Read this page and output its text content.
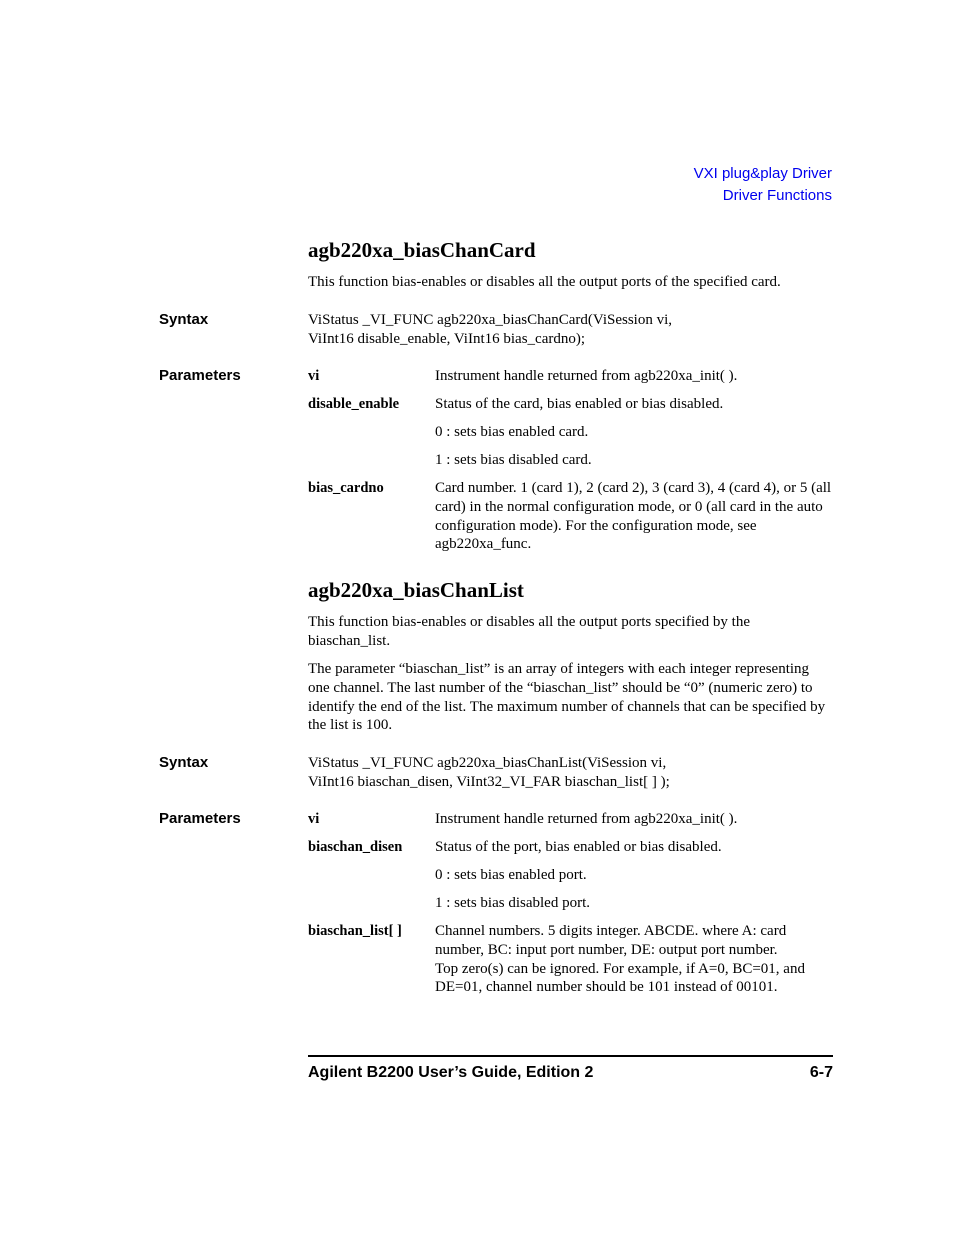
VXI plug&play Driver
Driver Functions
agb220xa_biasChanCard
This function bias-enables or disables all the output ports of the specified card.
Syntax	ViStatus _VI_FUNC agb220xa_biasChanCard(ViSession vi,

ViInt16 disable_enable, ViInt16 bias_cardno);

Parameters	vi	Instrument handle returned from agb220xa_init( ).
disable_enable Status of the card, bias enabled or bias disabled.
0 : sets bias enabled card.
1 : sets bias disabled card.
bias_cardno	Card number. 1 (card 1), 2 (card 2), 3 (card 3), 4 (card 4), or 5 (all card) in the normal configuration mode, or 0 (all card in the auto configuration mode). For the configuration mode, see agb220xa_func.
agb220xa_biasChanList
This function bias-enables or disables all the output ports specified by the biaschan_list.
The parameter “biaschan_list” is an array of integers with each integer representing one channel. The last number of the “biaschan_list” should be “0” (numeric zero) to identify the end of the list. The maximum number of channels that can be specified by the list is 100.
Syntax	ViStatus _VI_FUNC agb220xa_biasChanList(ViSession vi,

ViInt16 biaschan_disen, ViInt32_VI_FAR biaschan_list[ ] );

Parameters	vi	Instrument handle returned from agb220xa_init( ).
biaschan_disen Status of the port, bias enabled or bias disabled.
0 : sets bias enabled port.
1 : sets bias disabled port.
biaschan_list[ ] Channel numbers. 5 digits integer. ABCDE. where A: card number, BC: input port number, DE: output port number.

Top zero(s) can be ignored. For example, if A=0, BC=01, and DE=01, channel number should be 101 instead of 00101.

Agilent B2200 User’s Guide, Edition 2	6-7
